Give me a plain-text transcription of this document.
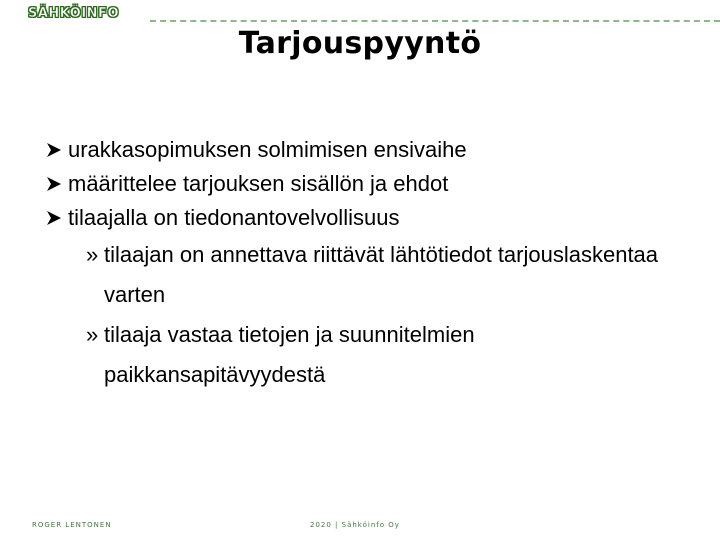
SÄHKÖINFO
Tarjouspyyntö
urakkasopimuksen solmimisen ensivaihe
määrittelee tarjouksen sisällön ja ehdot
tilaajalla on tiedonantovelvollisuus
» tilaajan on annettava riittävät lähtötiedot tarjouslaskentaa varten
» tilaaja vastaa tietojen ja suunnitelmien paikkansapitävyydestä
ROGER LENTONEN	2020 | Sähköinfo Oy
